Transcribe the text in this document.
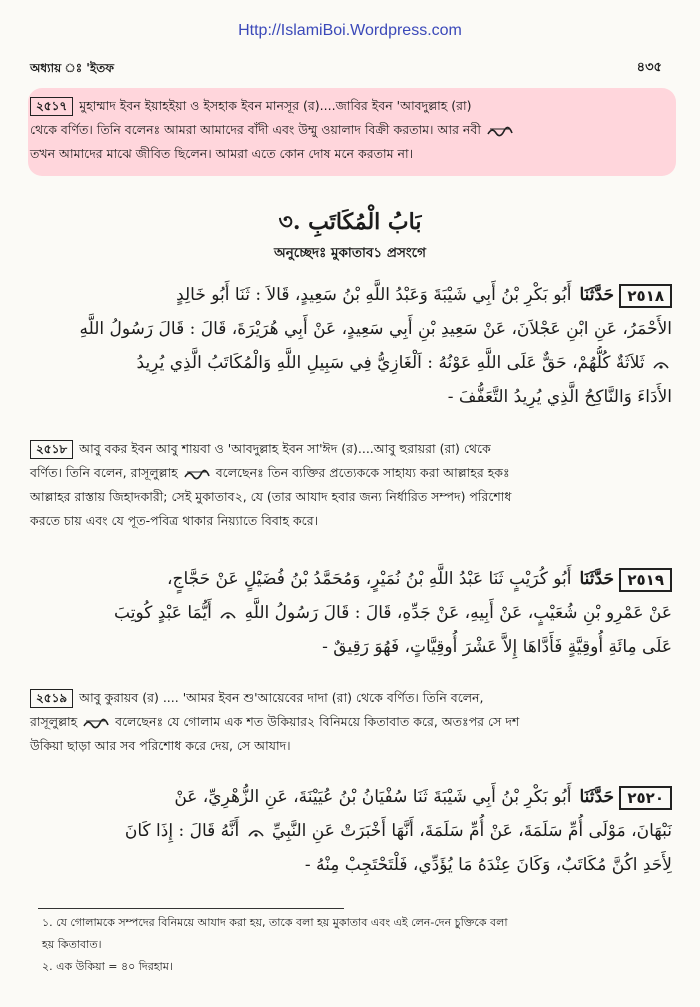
Http://IslamiBoi.Wordpress.com
অধ্যায় ঃ 'ইতফ	৪৩৫

২৫১৭ মুহাম্মাদ ইবন ইয়াহইয়া ও ইসহাক ইবন মানসূর (র)....জাবির ইবন 'আবদুল্লাহ (রা)

থেকে বর্ণিত। তিনি বলেনঃ আমরা আমাদের বাঁদী এবং উম্মু ওয়ালাদ বিক্রী করতাম। আর নবী

তখন আমাদের মাঝে জীবিত ছিলেন। আমরা এতে কোন দোষ মনে করতাম না।

৩. بَابُ الْمُكَاتَبِ
অনুচ্ছেদঃ মুকাতাব১ প্রসংগে
٢٥١٨ حَدَّثَنَاأَبُو بَكْرِ بْنُ أَبِي شَيْبَةَ وَعَبْدُ اللَّهِ بْنُ سَعِيدٍ، قَالاَ : ثَنَا أَبُو خَالِدٍ
الأَحْمَرُ، عَنِ ابْنِ عَجْلاَنَ، عَنْ سَعِيدِ بْنِ أَبِي سَعِيدٍ، عَنْ أَبِي هُرَيْرَةَ، قَالَ : قَالَ رَسُولُ اللَّهِ
ثَلاَثَةٌ كُلُّهُمْ، حَقٌّ عَلَى اللَّهِ عَوْنُهُ : اَلْغَازِيُّ فِي سَبِيلِ اللَّهِ وَالْمُكَاتَبُ الَّذِي يُرِيدُ
الأَدَاءَ وَالنَّاكِحُ الَّذِي يُرِيدُ التَّعَفُّفَ -

২৫১৮ আবু বকর ইবন আবু শায়বা ও 'আবদুল্লাহ ইবন সা'ঈদ (র)....আবু হুরায়রা (রা) থেকে

বর্ণিত। তিনি বলেন, রাসূলুল্লাহ	বলেছেনঃ তিন ব্যক্তির প্রত্যেককে সাহায্য করা আল্লাহর হকঃ

আল্লাহর রাস্তায় জিহাদকারী; সেই মুকাতাব২, যে (তার আযাদ হবার জন্য নির্ধারিত সম্পদ) পরিশোধ

করতে চায় এবং যে পূত-পবিত্র থাকার নিয়্যাতে বিবাহ করে।

٢٥١٩ حَدَّثَنَاأَبُو كُرَيْبٍ ثَنَا عَبْدُ اللَّهِ بْنُ نُمَيْرٍ، وَمُحَمَّدُ بْنُ فُضَيْلٍ عَنْ حَجَّاجٍ،
عَنْ عَمْرِو بْنِ شُعَيْبٍ، عَنْ أَبِيهِ، عَنْ جَدِّهِ، قَالَ : قَالَ رَسُولُ اللَّهِ  أَيُّمَا عَبْدٍ كُوتِبَ
عَلَى مِائَةِ أُوقِيَّةٍ فَأَدَّاهَا إِلاَّ عَشْرَ أُوقِيَّاتٍ، فَهُوَ رَقِيقٌ -

২৫১৯ আবু কুরায়ব (র) .... 'আমর ইবন শু'আয়েবের দাদা (রা) থেকে বর্ণিত। তিনি বলেন,

রাসূলুল্লাহ	বলেছেনঃ যে গোলাম এক শত উকিয়ার২ বিনিময়ে কিতাবাত করে, অতঃপর সে দশ

উকিয়া ছাড়া আর সব পরিশোধ করে দেয়, সে আযাদ।

٢٥٢٠ حَدَّثَنَاأَبُو بَكْرِ بْنُ أَبِي شَيْبَةَ ثَنَا سُفْيَانُ بْنُ عُيَيْنَةَ، عَنِ الزُّهْرِيِّ، عَنْ
نَبْهَانَ، مَوْلَى أُمِّ سَلَمَةَ، عَنْ أُمِّ سَلَمَةَ، أَنَّهَا أَخْبَرَتْ عَنِ النَّبِيِّ  أَنَّهُ قَالَ : إِذَا كَانَ
لِأَحَدِ اكُنَّ مُكَاتَبٌ، وَكَانَ عِنْدَهُ مَا يُؤَدِّي، فَلْتَحْتَجِبْ مِنْهُ -

১. যে গোলামকে সম্পদের বিনিময়ে আযাদ করা হয়, তাকে বলা হয় মুকাতাব এবং এই লেন-দেন চুক্তিকে বলা

হয় কিতাবাত।

২. এক উকিয়া = ৪০ দিরহাম।
